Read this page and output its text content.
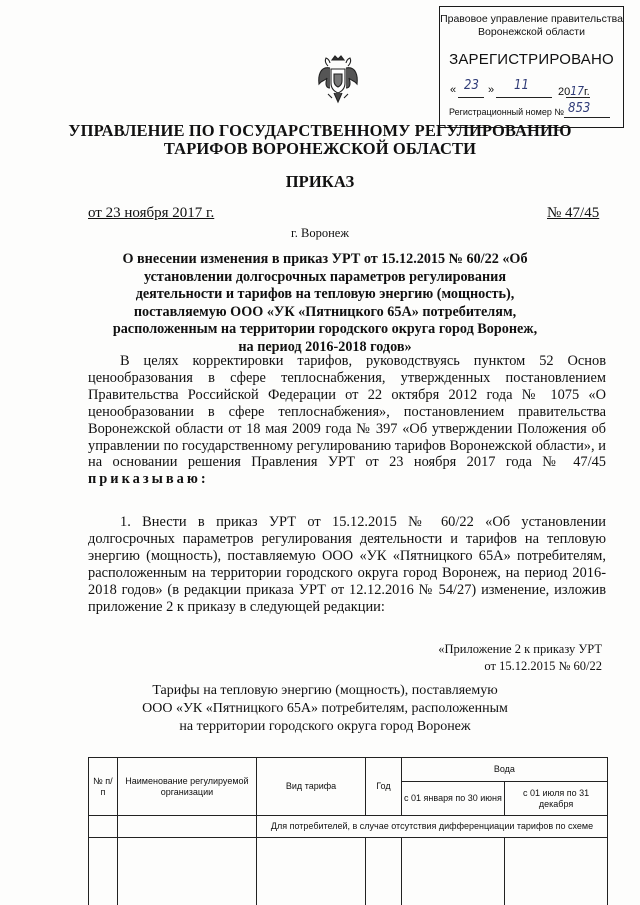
Правовое управление правительства
Воронежской области
ЗАРЕГИСТРИРОВАНО
« 23 » 11	2017г.
Регистрационный номер № 853
УПРАВЛЕНИЕ ПО ГОСУДАРСТВЕННОМУ РЕГУЛИРОВАНИЮ
ТАРИФОВ ВОРОНЕЖСКОЙ ОБЛАСТИ
ПРИКАЗ
от 23 ноября 2017 г.	№ 47/45
г. Воронеж
О внесении изменения в приказ УРТ от 15.12.2015 № 60/22 «Об установлении долгосрочных параметров регулирования деятельности и тарифов на тепловую энергию (мощность), поставляемую ООО «УК «Пятницкого 65А» потребителям, расположенным на территории городского округа город Воронеж, на период 2016-2018 годов»
В целях корректировки тарифов, руководствуясь пунктом 52 Основ ценообразования в сфере теплоснабжения, утвержденных постановлением Правительства Российской Федерации от 22 октября 2012 года № 1075 «О ценообразовании в сфере теплоснабжения», постановлением правительства Воронежской области от 18 мая 2009 года № 397 «Об утверждении Положения об управлении по государственному регулированию тарифов Воронежской области», и на основании решения Правления УРТ от 23 ноября 2017 года № 47/45 приказываю:
1. Внести в приказ УРТ от 15.12.2015 № 60/22 «Об установлении долгосрочных параметров регулирования деятельности и тарифов на тепловую энергию (мощность), поставляемую ООО «УК «Пятницкого 65А» потребителям, расположенным на территории городского округа город Воронеж, на период 2016-2018 годов» (в редакции приказа УРТ от 12.12.2016 № 54/27) изменение, изложив приложение 2 к приказу в следующей редакции:
«Приложение 2 к приказу УРТ
от 15.12.2015 № 60/22
Тарифы на тепловую энергию (мощность), поставляемую
ООО «УК «Пятницкого 65А» потребителям, расположенным
на территории городского округа город Воронеж
№ п/п	Наименование регулируемой организации	Вид тарифа	Год	Вода	
				с 01 января по 30 июня	с 01 июля по 31 декабря
		Для потребителей, в случае отсутствия дифференциации тарифов по схеме			
